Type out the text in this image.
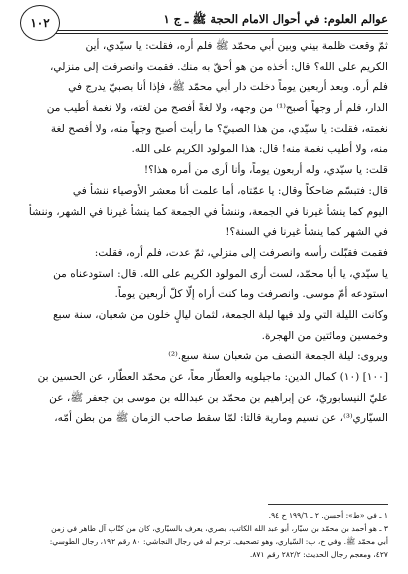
١٠٢	عوالم العلوم: في أحوال الامام الحجة ﷺ ـ ج ١
ثمّ وقعت ظلمة بيني وبين أبي محمّد ﷺ فلم أره، فقلت: يا سيّدي، أين
الكريم على الله؟ قال: أخذه من هو أحقّ به منك. فقمت وانصرفت إلى منزلي،
فلم أره. وبعد أربعين يوماً دخلت دار أبي محمّد ﷺ، فإذا أنا بصبيّ يدرج في
الدار، فلم أر وجهاً أصبح⁽¹⁾ من وجهه، ولا لغةً أفصح من لغته، ولا نغمة أطيب من
نغمته، فقلت: يا سيّدي، من هذا الصبيّ؟ ما رأيت أصبح وجهاً منه، ولا أفصح لغة
منه، ولا أطيب نغمة منه! قال: هذا المولود الكريم على الله.
قلت: يا سيّدي، وله أربعون يوماً، وأنا أرى من أمره هذا؟!
قال: فتبسّم ضاحكاً وقال: يا عمّتاه، أما علمت أنا معشر الأوصياء ننشأ في
اليوم كما ينشأ غيرنا في الجمعة، وننشأ في الجمعة كما ينشأ غيرنا في الشهر، وننشأ
في الشهر كما ينشأ غيرنا في السنة؟!
فقمت فقبّلت رأسه وانصرفت إلى منزلي، ثمّ عدت، فلم أره، فقلت:
يا سيّدي، يا أبا محمّد، لست أرى المولود الكريم على الله. قال: استودعناه من
استودعه أمّ موسى. وانصرفت وما كنت أراه إلّا كلّ أربعين يوماً.
وكانت الليلة التي ولد فيها ليلة الجمعة، لثمان ليالٍ خلون من شعبان، سنة سبع
وخمسين ومائتين من الهجرة.
ويروى: ليلة الجمعة النصف من شعبان سنة سبع.⁽²⁾
[١٠٠] (١٠) كمال الدين: ماجيلويه والعطّار معاً، عن محمّد العطّار، عن الحسين بن
عليّ النيسابوريّ، عن إبراهيم بن محمّد بن عبدالله بن موسى بن جعفر ﷺ، عن
السيّاري⁽³⁾، عن نسيم ومارية قالتا: لمّا سقط صاحب الزمان ﷺ من بطن أمّه،
١ ـ في «ط»: أحسن. ٢ ـ ١٩٩/٦ ح ٩٤.
٣ ـ هو أحمد بن محمّد بن سيّار، أبو عبد الله الكاتب، بصري، يعرف بالسيّاري، كان من كتّاب آل طاهر في زمن
أبي محمّد ﷺ. وفي ح، ب: السّياري، وهو تصحيف. ترجم له في رجال النجاشي: ٨٠ رقم ١٩٢، رجال الطوسي:
٤٢٧، ومعجم رجال الحديث: ٢٨٢/٢ رقم ٨٧١.
